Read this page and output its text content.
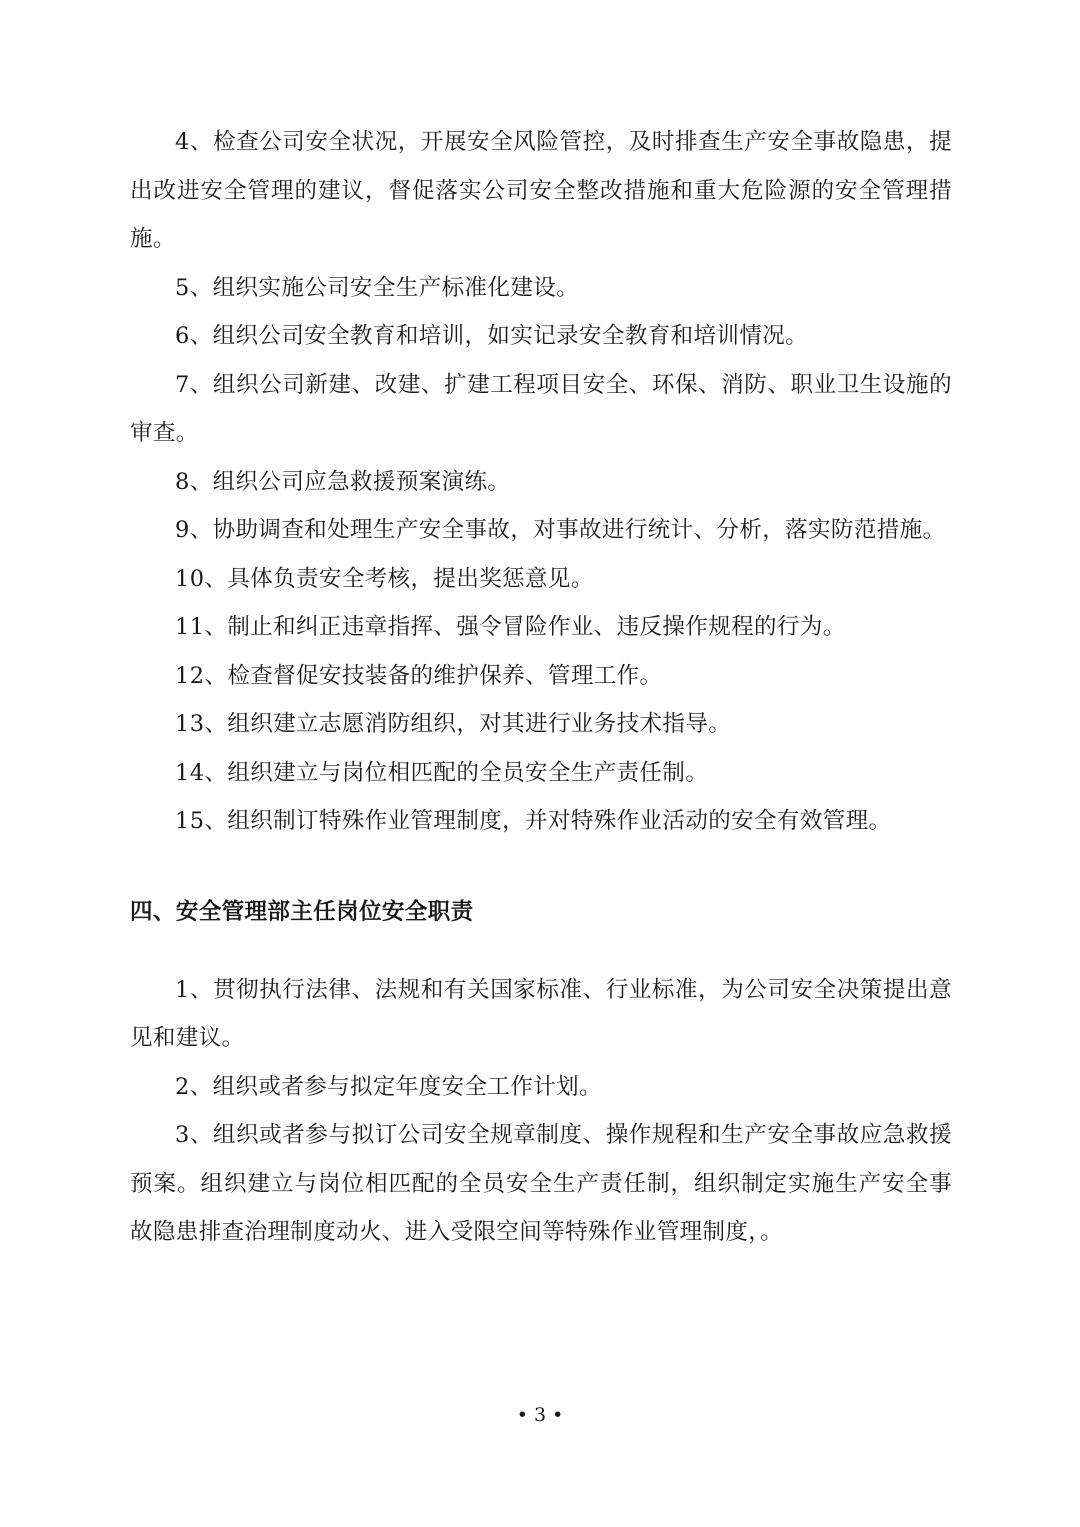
4、检查公司安全状况，开展安全风险管控，及时排查生产安全事故隐患，提出改进安全管理的建议，督促落实公司安全整改措施和重大危险源的安全管理措施。

5、组织实施公司安全生产标准化建设。

6、组织公司安全教育和培训，如实记录安全教育和培训情况。

7、组织公司新建、改建、扩建工程项目安全、环保、消防、职业卫生设施的审查。

8、组织公司应急救援预案演练。

9、协助调查和处理生产安全事故，对事故进行统计、分析，落实防范措施。

10、具体负责安全考核，提出奖惩意见。

11、制止和纠正违章指挥、强令冒险作业、违反操作规程的行为。

12、检查督促安技装备的维护保养、管理工作。

13、组织建立志愿消防组织，对其进行业务技术指导。

14、组织建立与岗位相匹配的全员安全生产责任制。

15、组织制订特殊作业管理制度，并对特殊作业活动的安全有效管理。

四、安全管理部主任岗位安全职责

1、贯彻执行法律、法规和有关国家标准、行业标准，为公司安全决策提出意见和建议。

2、组织或者参与拟定年度安全工作计划。

3、组织或者参与拟订公司安全规章制度、操作规程和生产安全事故应急救援预案。组织建立与岗位相匹配的全员安全生产责任制，组织制定实施生产安全事故隐患排查治理制度动火、进入受限空间等特殊作业管理制度，。

• 3 •
